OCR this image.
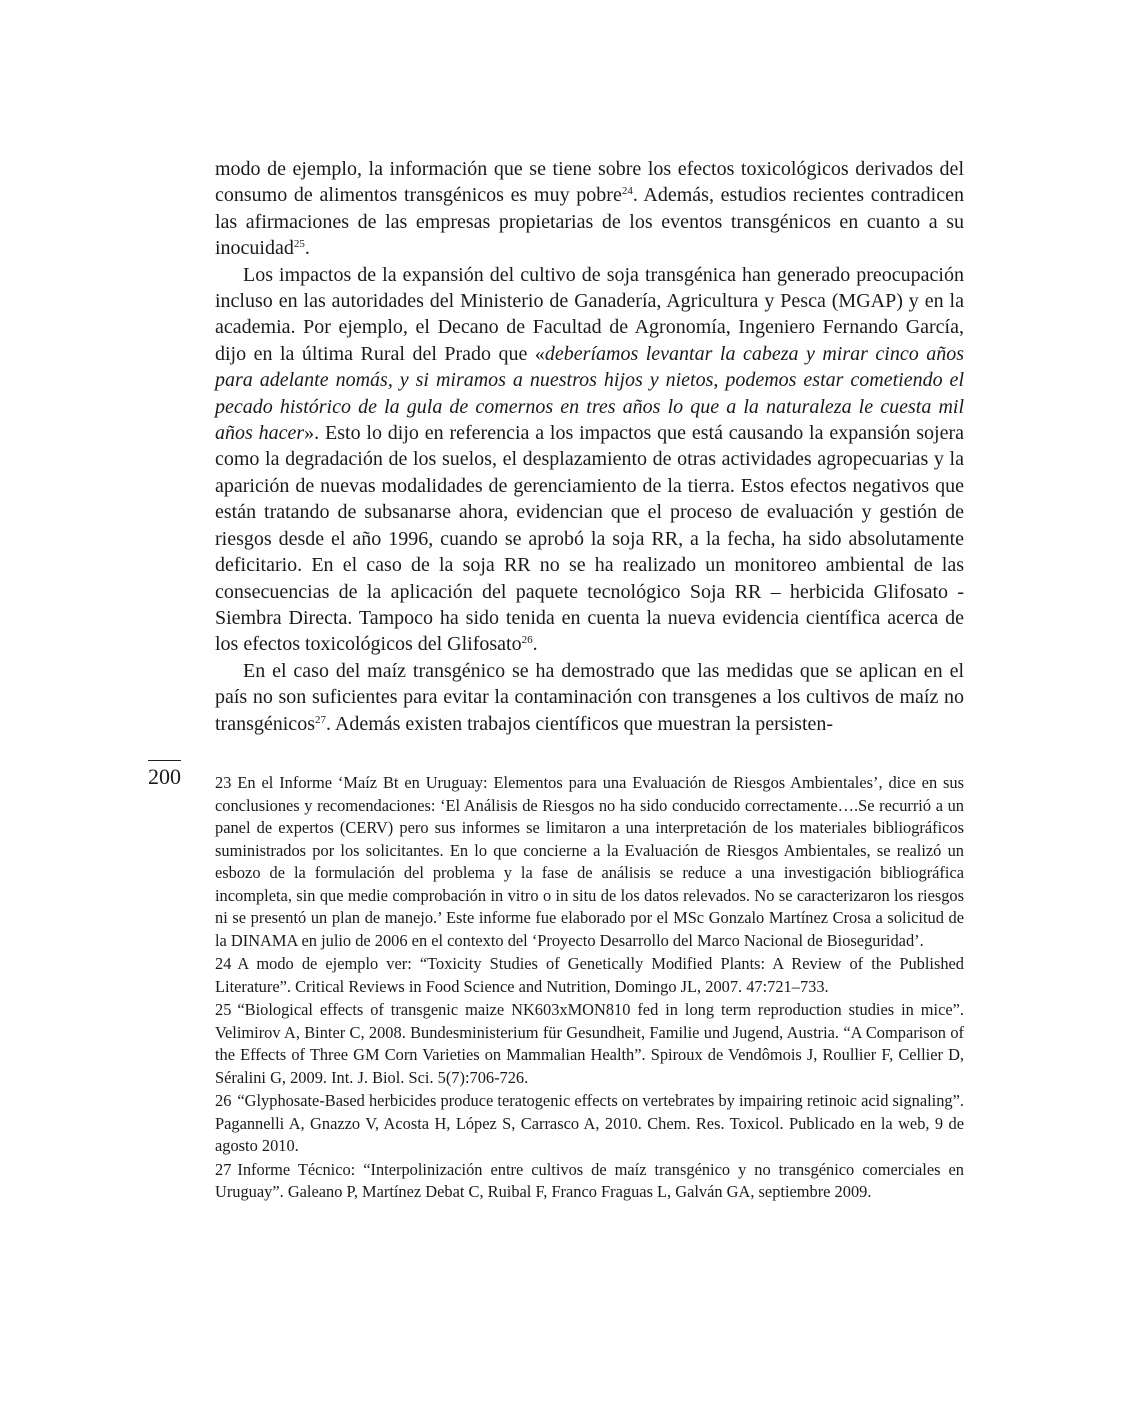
modo de ejemplo, la información que se tiene sobre los efectos toxicológicos derivados del consumo de alimentos transgénicos es muy pobre$^{24}$. Además, estudios recientes contradicen las afirmaciones de las empresas propietarias de los eventos transgénicos en cuanto a su inocuidad$^{25}$.

Los impactos de la expansión del cultivo de soja transgénica han generado preocupación incluso en las autoridades del Ministerio de Ganadería, Agricultura y Pesca (MGAP) y en la academia. Por ejemplo, el Decano de Facultad de Agronomía, Ingeniero Fernando García, dijo en la última Rural del Prado que «deberíamos levantar la cabeza y mirar cinco años para adelante nomás, y si miramos a nuestros hijos y nietos, podemos estar cometiendo el pecado histórico de la gula de comernos en tres años lo que a la naturaleza le cuesta mil años hacer». Esto lo dijo en referencia a los impactos que está causando la expansión sojera como la degradación de los suelos, el desplazamiento de otras actividades agropecuarias y la aparición de nuevas modalidades de gerenciamiento de la tierra. Estos efectos negativos que están tratando de subsanarse ahora, evidencian que el proceso de evaluación y gestión de riesgos desde el año 1996, cuando se aprobó la soja RR, a la fecha, ha sido absolutamente deficitario. En el caso de la soja RR no se ha realizado un monitoreo ambiental de las consecuencias de la aplicación del paquete tecnológico Soja RR – herbicida Glifosato - Siembra Directa. Tampoco ha sido tenida en cuenta la nueva evidencia científica acerca de los efectos toxicológicos del Glifosato$^{26}$.

En el caso del maíz transgénico se ha demostrado que las medidas que se aplican en el país no son suficientes para evitar la contaminación con transgenes a los cultivos de maíz no transgénicos$^{27}$. Además existen trabajos científicos que muestran la persisten-

200 23 En el Informe ‘Maíz Bt en Uruguay: Elementos para una Evaluación de Riesgos Ambientales’, dice en sus conclusiones y recomendaciones: ‘El Análisis de Riesgos no ha sido conducido correctamente….Se recurrió a un panel de expertos (CERV) pero sus informes se limitaron a una interpretación de los materiales bibliográficos suministrados por los solicitantes. En lo que concierne a la Evaluación de Riesgos Ambientales, se realizó un esbozo de la formulación del problema y la fase de análisis se reduce a una investigación bibliográfica incompleta, sin que medie comprobación in vitro o in situ de los datos relevados. No se caracterizaron los riesgos ni se presentó un plan de manejo.’ Este informe fue elaborado por el MSc Gonzalo Martínez Crosa a solicitud de la DINAMA en julio de 2006 en el contexto del ‘Proyecto Desarrollo del Marco Nacional de Bioseguridad’.

24 A modo de ejemplo ver: “Toxicity Studies of Genetically Modified Plants: A Review of the Published Literature”. Critical Reviews in Food Science and Nutrition, Domingo JL, 2007. 47:721–733.

25 “Biological effects of transgenic maize NK603xMON810 fed in long term reproduction studies in mice”. Velimirov A, Binter C, 2008. Bundesministerium für Gesundheit, Familie und Jugend, Austria. “A Comparison of the Effects of Three GM Corn Varieties on Mammalian Health”. Spiroux de Vendômois J, Roullier F, Cellier D, Séralini G, 2009. Int. J. Biol. Sci. 5(7):706-726.

26 “Glyphosate-Based herbicides produce teratogenic effects on vertebrates by impairing retinoic acid signaling”. Pagannelli A, Gnazzo V, Acosta H, López S, Carrasco A, 2010. Chem. Res. Toxicol. Publicado en la web, 9 de agosto 2010.

27 Informe Técnico: “Interpolinización entre cultivos de maíz transgénico y no transgénico comerciales en Uruguay”. Galeano P, Martínez Debat C, Ruibal F, Franco Fraguas L, Galván GA, septiembre 2009.
